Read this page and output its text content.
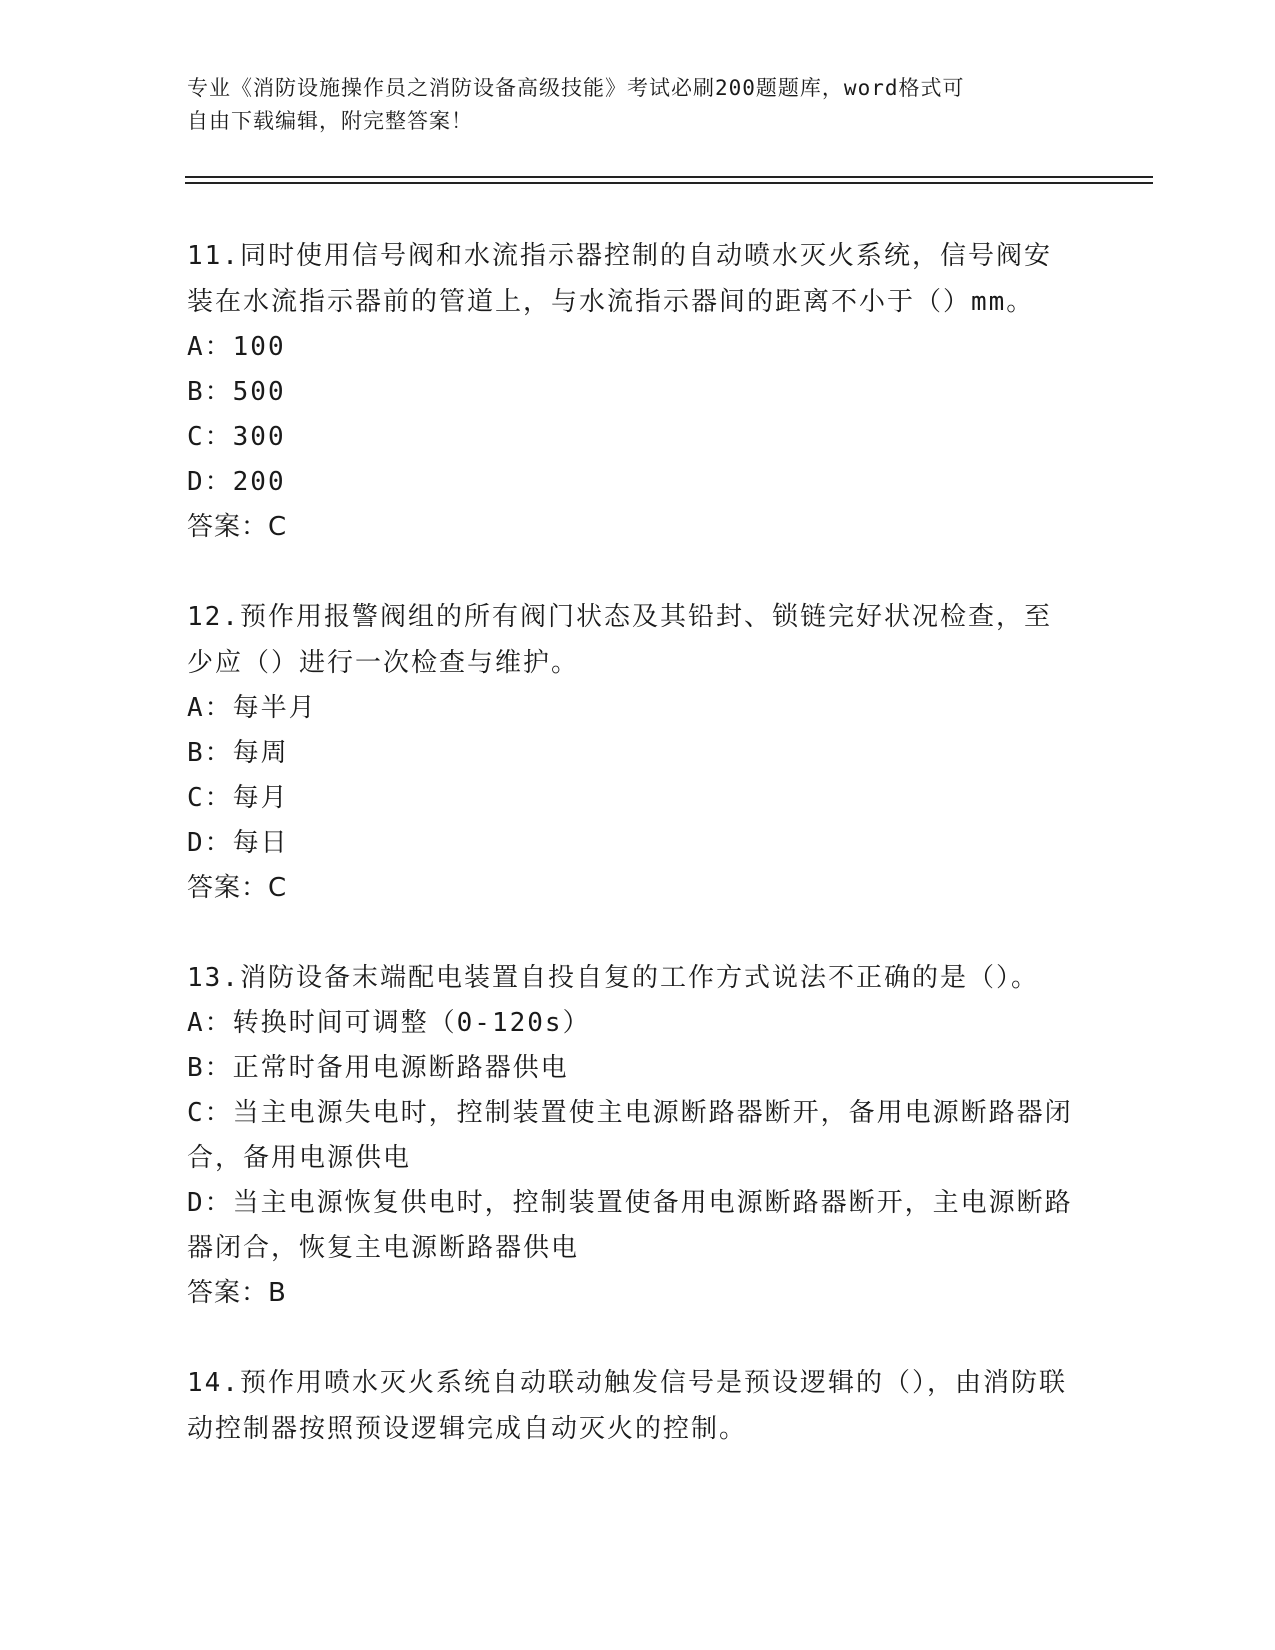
专业《消防设施操作员之消防设备高级技能》考试必刷200题题库，word格式可
自由下载编辑，附完整答案！
11.同时使用信号阀和水流指示器控制的自动喷水灭火系统，信号阀安装在水流指示器前的管道上，与水流指示器间的距离不小于（）mm。
A：100
B：500
C：300
D：200
答案：C
12.预作用报警阀组的所有阀门状态及其铅封、锁链完好状况检查，至少应（）进行一次检查与维护。
A：每半月
B：每周
C：每月
D：每日
答案：C
13.消防设备末端配电装置自投自复的工作方式说法不正确的是（）。
A：转换时间可调整（0-120s）
B：正常时备用电源断路器供电
C：当主电源失电时，控制装置使主电源断路器断开，备用电源断路器闭合，备用电源供电
D：当主电源恢复供电时，控制装置使备用电源断路器断开，主电源断路器闭合，恢复主电源断路器供电
答案：B
14.预作用喷水灭火系统自动联动触发信号是预设逻辑的（），由消防联动控制器按照预设逻辑完成自动灭火的控制。
